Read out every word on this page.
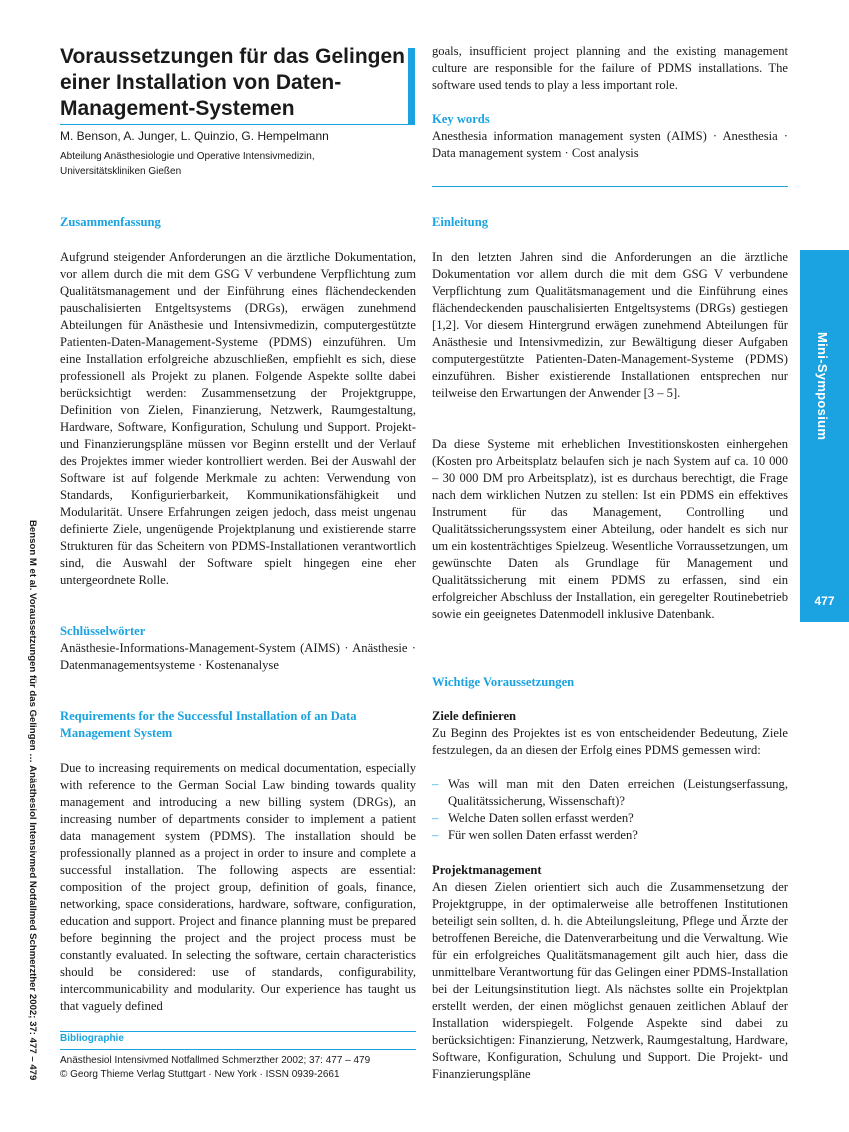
Voraussetzungen für das Gelingen einer Installation von Daten-Management-Systemen
M. Benson, A. Junger, L. Quinzio, G. Hempelmann
Abteilung Anästhesiologie und Operative Intensivmedizin,
Universitätskliniken Gießen
goals, insufficient project planning and the existing management culture are responsible for the failure of PDMS installations. The software used tends to play a less important role.
Key words
Anesthesia information management systen (AIMS) · Anesthesia · Data management system · Cost analysis
Zusammenfassung
Aufgrund steigender Anforderungen an die ärztliche Dokumentation, vor allem durch die mit dem GSG V verbundene Verpflichtung zum Qualitätsmanagement und der Einführung eines flächendeckenden pauschalisierten Entgeltsystems (DRGs), erwägen zunehmend Abteilungen für Anästhesie und Intensivmedizin, computergestützte Patienten-Daten-Management-Systeme (PDMS) einzuführen. Um eine Installation erfolgreiche abzuschließen, empfiehlt es sich, diese professionell als Projekt zu planen. Folgende Aspekte sollte dabei berücksichtigt werden: Zusammensetzung der Projektgruppe, Definition von Zielen, Finanzierung, Netzwerk, Raumgestaltung, Hardware, Software, Konfiguration, Schulung und Support. Projekt- und Finanzierungspläne müssen vor Beginn erstellt und der Verlauf des Projektes immer wieder kontrolliert werden. Bei der Auswahl der Software ist auf folgende Merkmale zu achten: Verwendung von Standards, Konfigurierbarkeit, Kommunikationsfähigkeit und Modularität. Unsere Erfahrungen zeigen jedoch, dass meist ungenau definierte Ziele, ungenügende Projektplanung und existierende starre Strukturen für das Scheitern von PDMS-Installationen verantwortlich sind, die Auswahl der Software spielt hingegen eine eher untergeordnete Rolle.
Schlüsselwörter
Anästhesie-Informations-Management-System (AIMS) · Anästhesie · Datenmanagementsysteme · Kostenanalyse
Requirements for the Successful Installation of an Data
Management System
Due to increasing requirements on medical documentation, especially with reference to the German Social Law binding towards quality management and introducing a new billing system (DRGs), an increasing number of departments consider to implement a patient data management system (PDMS). The installation should be professionally planned as a project in order to insure and complete a successful installation. The following aspects are essential: composition of the project group, definition of goals, finance, networking, space considerations, hardware, software, configuration, education and support. Project and finance planning must be prepared before beginning the project and the project process must be constantly evaluated. In selecting the software, certain characteristics should be considered: use of standards, configurability, intercommunicability and modularity. Our experience has taught us that vaguely defined
Bibliographie
Anästhesiol Intensivmed Notfallmed Schmerzther 2002; 37: 477 – 479
© Georg Thieme Verlag Stuttgart · New York · ISSN 0939-2661
Einleitung
In den letzten Jahren sind die Anforderungen an die ärztliche Dokumentation vor allem durch die mit dem GSG V verbundene Verpflichtung zum Qualitätsmanagement und die Einführung eines flächendeckenden pauschalisierten Entgeltsystems (DRGs) gestiegen [1,2]. Vor diesem Hintergrund erwägen zunehmend Abteilungen für Anästhesie und Intensivmedizin, zur Bewältigung dieser Aufgaben computergestützte Patienten-Daten-Management-Systeme (PDMS) einzuführen. Bisher existierende Installationen entsprechen nur teilweise den Erwartungen der Anwender [3 – 5].
Da diese Systeme mit erheblichen Investitionskosten einhergehen (Kosten pro Arbeitsplatz belaufen sich je nach System auf ca. 10 000 – 30 000 DM pro Arbeitsplatz), ist es durchaus berechtigt, die Frage nach dem wirklichen Nutzen zu stellen: Ist ein PDMS ein effektives Instrument für das Management, Controlling und Qualitätssicherungssystem einer Abteilung, oder handelt es sich nur um ein kostenträchtiges Spielzeug. Wesentliche Vorraussetzungen, um gewünschte Daten als Grundlage für Management und Qualitätssicherung mit einem PDMS zu erfassen, sind ein erfolgreicher Abschluss der Installation, ein geregelter Routinebetrieb sowie ein geeignetes Datenmodell inklusive Datenbank.
Wichtige Voraussetzungen
Ziele definieren
Zu Beginn des Projektes ist es von entscheidender Bedeutung, Ziele festzulegen, da an diesen der Erfolg eines PDMS gemessen wird:
– Was will man mit den Daten erreichen (Leistungserfassung, Qualitätssicherung, Wissenschaft)?
– Welche Daten sollen erfasst werden?
– Für wen sollen Daten erfasst werden?
Projektmanagement
An diesen Zielen orientiert sich auch die Zusammensetzung der Projektgruppe, in der optimalerweise alle betroffenen Institutionen beteiligt sein sollten, d. h. die Abteilungsleitung, Pflege und Ärzte der betroffenen Bereiche, die Datenverarbeitung und die Verwaltung. Wie für ein erfolgreiches Qualitätsmanagement gilt auch hier, dass die unmittelbare Verantwortung für das Gelingen einer PDMS-Installation bei der Leitungsinstitution liegt. Als nächstes sollte ein Projektplan erstellt werden, der einen möglichst genauen zeitlichen Ablauf der Installation widerspiegelt. Folgende Aspekte sind dabei zu berücksichtigen: Finanzierung, Netzwerk, Raumgestaltung, Hardware, Software, Konfiguration, Schulung und Support. Die Projekt- und Finanzierungspläne
Mini-Symposium
477
Benson M et al. Voraussetzungen für das Gelingen … Anästhesiol Intensivmed Notfallmed Schmerzther 2002; 37: 477 – 479
